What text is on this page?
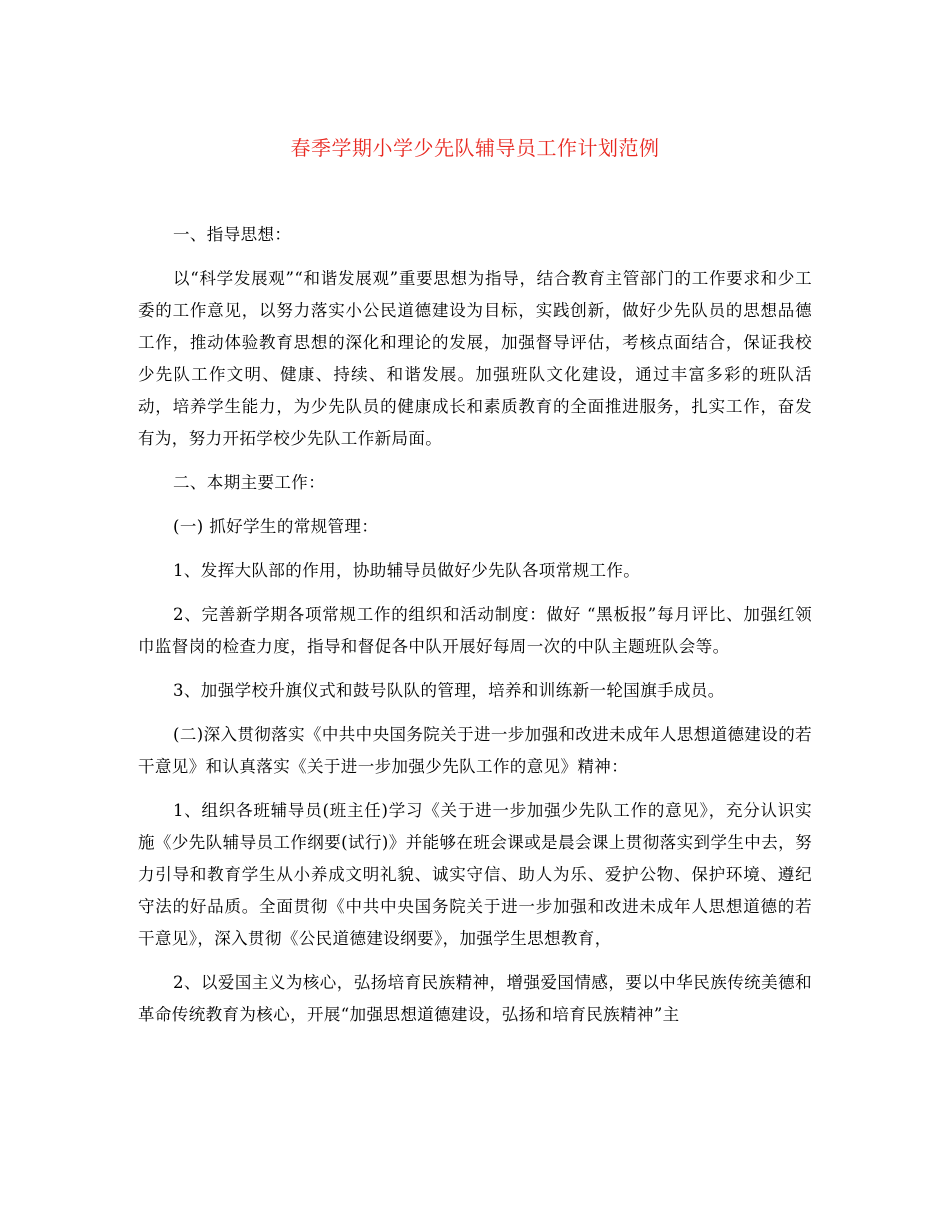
春季学期小学少先队辅导员工作计划范例

一、指导思想：

以“科学发展观”“和谐发展观”重要思想为指导，结合教育主管部门的工作要求和少工委的工作意见，以努力落实小公民道德建设为目标，实践创新，做好少先队员的思想品德工作，推动体验教育思想的深化和理论的发展，加强督导评估，考核点面结合，保证我校少先队工作文明、健康、持续、和谐发展。加强班队文化建设，通过丰富多彩的班队活动，培养学生能力，为少先队员的健康成长和素质教育的全面推进服务，扎实工作，奋发有为，努力开拓学校少先队工作新局面。

二、本期主要工作：

(一) 抓好学生的常规管理：

1、发挥大队部的作用，协助辅导员做好少先队各项常规工作。

2、完善新学期各项常规工作的组织和活动制度：做好 “黑板报”每月评比、加强红领巾监督岗的检查力度，指导和督促各中队开展好每周一次的中队主题班队会等。

3、加强学校升旗仪式和鼓号队队的管理，培养和训练新一轮国旗手成员。

(二)深入贯彻落实《中共中央国务院关于进一步加强和改进未成年人思想道德建设的若干意见》和认真落实《关于进一步加强少先队工作的意见》精神：

1、组织各班辅导员(班主任)学习《关于进一步加强少先队工作的意见》，充分认识实施《少先队辅导员工作纲要(试行)》并能够在班会课或是晨会课上贯彻落实到学生中去，努力引导和教育学生从小养成文明礼貌、诚实守信、助人为乐、爱护公物、保护环境、遵纪守法的好品质。全面贯彻《中共中央国务院关于进一步加强和改进未成年人思想道德的若干意见》，深入贯彻《公民道德建设纲要》，加强学生思想教育，

2、以爱国主义为核心，弘扬培育民族精神，增强爱国情感，要以中华民族传统美德和革命传统教育为核心，开展“加强思想道德建设，弘扬和培育民族精神”主
